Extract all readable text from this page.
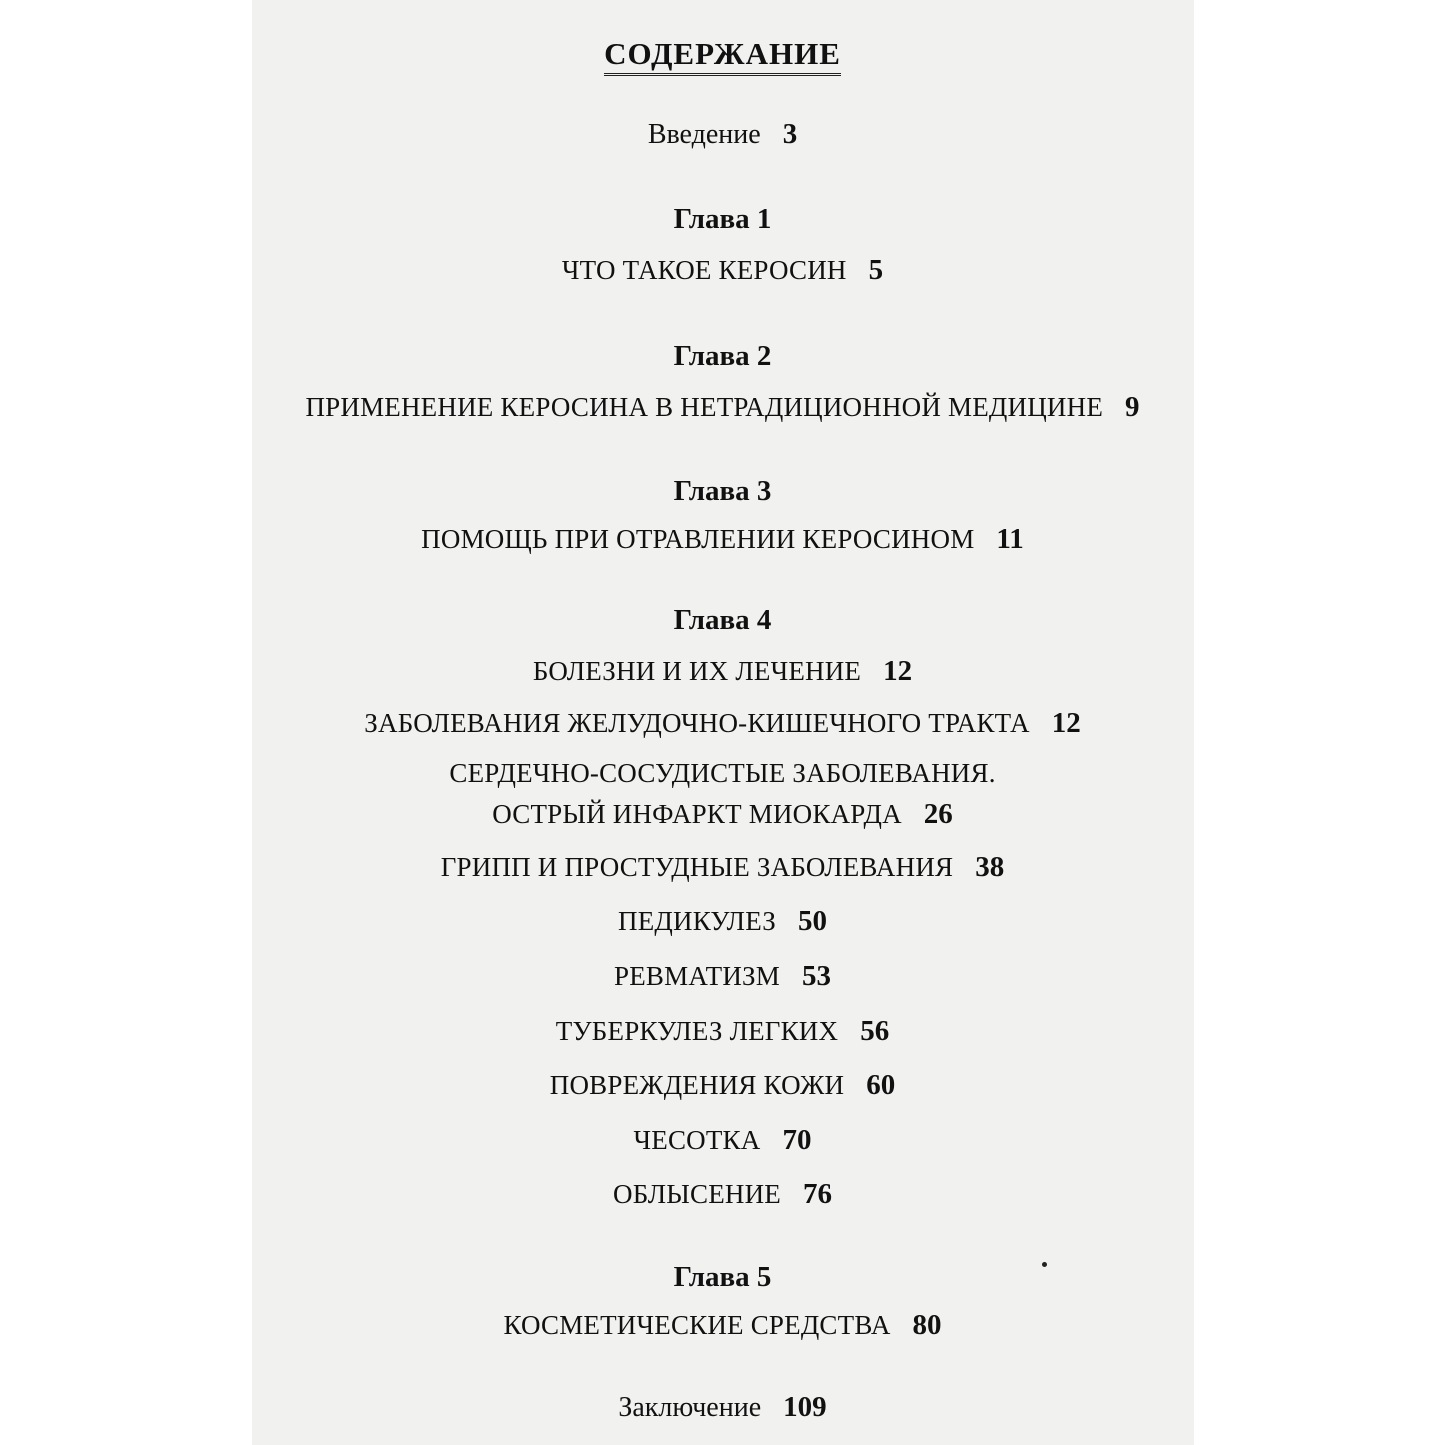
СОДЕРЖАНИЕ
Введение 3
Глава 1
ЧТО ТАКОЕ КЕРОСИН 5
Глава 2
ПРИМЕНЕНИЕ КЕРОСИНА В НЕТРАДИЦИОННОЙ МЕДИЦИНЕ 9
Глава 3
ПОМОЩЬ ПРИ ОТРАВЛЕНИИ КЕРОСИНОМ 11
Глава 4
БОЛЕЗНИ И ИХ ЛЕЧЕНИЕ 12
ЗАБОЛЕВАНИЯ ЖЕЛУДОЧНО-КИШЕЧНОГО ТРАКТА 12
СЕРДЕЧНО-СОСУДИСТЫЕ ЗАБОЛЕВАНИЯ.
ОСТРЫЙ ИНФАРКТ МИОКАРДА 26
ГРИПП И ПРОСТУДНЫЕ ЗАБОЛЕВАНИЯ 38
ПЕДИКУЛЕЗ 50
РЕВМАТИЗМ 53
ТУБЕРКУЛЕЗ ЛЕГКИХ 56
ПОВРЕЖДЕНИЯ КОЖИ 60
ЧЕСОТКА 70
ОБЛЫСЕНИЕ 76
Глава 5
КОСМЕТИЧЕСКИЕ СРЕДСТВА 80
Заключение 109
